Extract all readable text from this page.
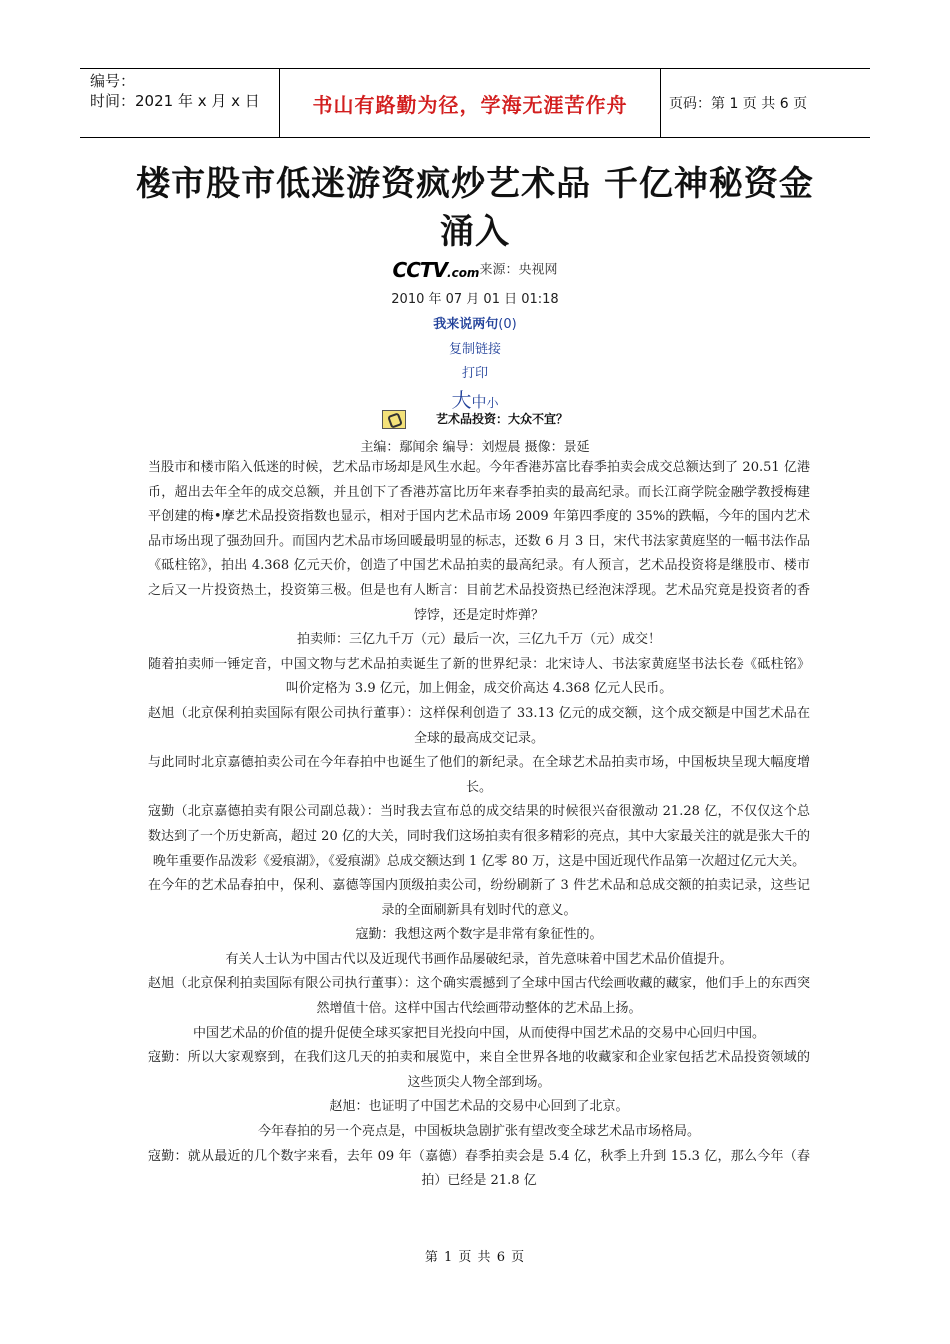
编号：
时间：2021 年 x 月 x 日	书山有路勤为径，学海无涯苦作舟	页码：第 1 页 共 6 页
楼市股市低迷游资疯炒艺术品 千亿神秘资金涌入
CCTV.com来源：央视网
2010 年 07 月 01 日 01:18
我来说两句(0)
复制链接
打印
大中小
艺术品投资：大众不宜？
主编：鄢闻余 编导：刘煜晨 摄像：景延

当股市和楼市陷入低迷的时候，艺术品市场却是风生水起。今年香港苏富比春季拍卖会成交总额达到了 20.51 亿港币，超出去年全年的成交总额，并且创下了香港苏富比历年来春季拍卖的最高纪录。而长江商学院金融学教授梅建平创建的梅•摩艺术品投资指数也显示，相对于国内艺术品市场 2009 年第四季度的 35%的跌幅，今年的国内艺术品市场出现了强劲回升。而国内艺术品市场回暖最明显的标志，还数 6 月 3 日，宋代书法家黄庭坚的一幅书法作品《砥柱铭》，拍出 4.368 亿元天价，创造了中国艺术品拍卖的最高纪录。有人预言，艺术品投资将是继股市、楼市之后又一片投资热土，投资第三极。但是也有人断言：目前艺术品投资热已经泡沫浮现。艺术品究竟是投资者的香饽饽，还是定时炸弹？

拍卖师：三亿九千万（元）最后一次，三亿九千万（元）成交！

随着拍卖师一锤定音，中国文物与艺术品拍卖诞生了新的世界纪录：北宋诗人、书法家黄庭坚书法长卷《砥柱铭》叫价定格为 3.9 亿元，加上佣金，成交价高达 4.368 亿元人民币。

赵旭（北京保利拍卖国际有限公司执行董事）：这样保利创造了 33.13 亿元的成交额，这个成交额是中国艺术品在全球的最高成交记录。

与此同时北京嘉德拍卖公司在今年春拍中也诞生了他们的新纪录。在全球艺术品拍卖市场，中国板块呈现大幅度增长。

寇勤（北京嘉德拍卖有限公司副总裁）：当时我去宣布总的成交结果的时候很兴奋很激动 21.28 亿，不仅仅这个总数达到了一个历史新高，超过 20 亿的大关，同时我们这场拍卖有很多精彩的亮点，其中大家最关注的就是张大千的晚年重要作品泼彩《爱痕湖》，《爱痕湖》总成交额达到 1 亿零 80 万，这是中国近现代作品第一次超过亿元大关。

在今年的艺术品春拍中，保利、嘉德等国内顶级拍卖公司，纷纷刷新了 3 件艺术品和总成交额的拍卖记录，这些记录的全面刷新具有划时代的意义。

寇勤：我想这两个数字是非常有象征性的。

有关人士认为中国古代以及近现代书画作品屡破纪录，首先意味着中国艺术品价值提升。

赵旭（北京保利拍卖国际有限公司执行董事）：这个确实震撼到了全球中国古代绘画收藏的藏家，他们手上的东西突然增值十倍。这样中国古代绘画带动整体的艺术品上扬。

中国艺术品的价值的提升促使全球买家把目光投向中国，从而使得中国艺术品的交易中心回归中国。

寇勤：所以大家观察到，在我们这几天的拍卖和展览中，来自全世界各地的收藏家和企业家包括艺术品投资领域的这些顶尖人物全部到场。

赵旭：也证明了中国艺术品的交易中心回到了北京。

今年春拍的另一个亮点是，中国板块急剧扩张有望改变全球艺术品市场格局。

寇勤：就从最近的几个数字来看，去年 09 年（嘉德）春季拍卖会是 5.4 亿，秋季上升到 15.3 亿，那么今年（春拍）已经是 21.8 亿

第 1 页 共 6 页
